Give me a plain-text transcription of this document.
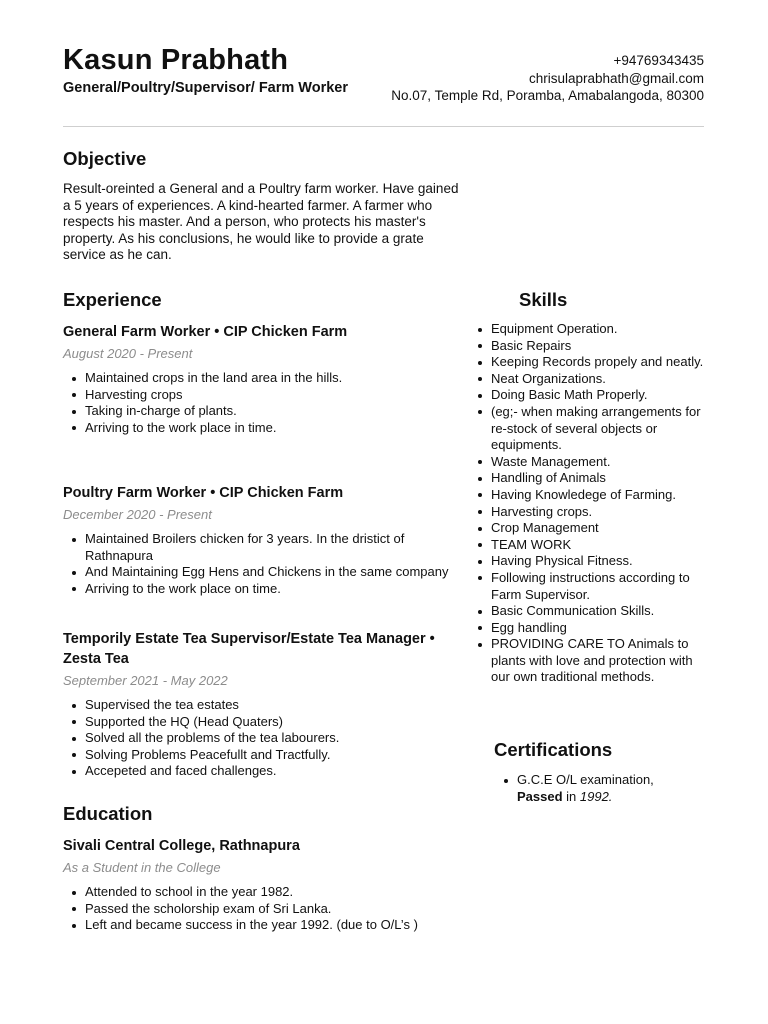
Kasun Prabhath
General/Poultry/Supervisor/ Farm Worker
+94769343435
chrisulaprabhath@gmail.com
No.07, Temple Rd, Poramba, Amabalangoda, 80300
Objective

Result-oreinted a General and a Poultry farm worker. Have gained a 5 years of experiences. A kind-hearted farmer. A farmer who respects his master. And a person, who protects his master's property. As his conclusions, he would like to provide a grate service as he can.

Experience
General Farm Worker • CIP Chicken Farm
August 2020 - Present
Maintained crops in the land area in the hills.
Harvesting crops
Taking in-charge of plants.
Arriving to the work place in time.
Poultry Farm Worker • CIP Chicken Farm
December 2020 - Present
Maintained Broilers chicken for 3 years. In the dristict of Rathnapura
And Maintaining Egg Hens and Chickens in the same company
Arriving to the work place on time.
Temporily Estate Tea Supervisor/Estate Tea Manager • Zesta Tea
September 2021 - May 2022
Supervised the tea estates
Supported the HQ (Head Quaters)
Solved all the problems of the tea labourers.
Solving Problems Peacefullt and Tractfully.
Accepeted and faced challenges.
Education
Sivali Central College, Rathnapura
As a Student in the College
Attended to school in the year 1982.
Passed the scholorship exam of Sri Lanka.
Left and became success in the year 1992. (due to O/L’s )
Skills
Equipment Operation.
Basic Repairs
Keeping Records propely and neatly.
Neat Organizations.
Doing Basic Math Properly.
(eg;- when making arrangements for re-stock of several objects or equipments.
Waste Management.
Handling of Animals
Having Knowledege of Farming.
Harvesting crops.
Crop Management
TEAM WORK
Having Physical Fitness.
Following instructions according to Farm Supervisor.
Basic Communication Skills.
Egg handling
PROVIDING CARE TO Animals to plants with love and protection with our own traditional methods.
Certifications
G.C.E O/L examination,
Passed in 1992.
